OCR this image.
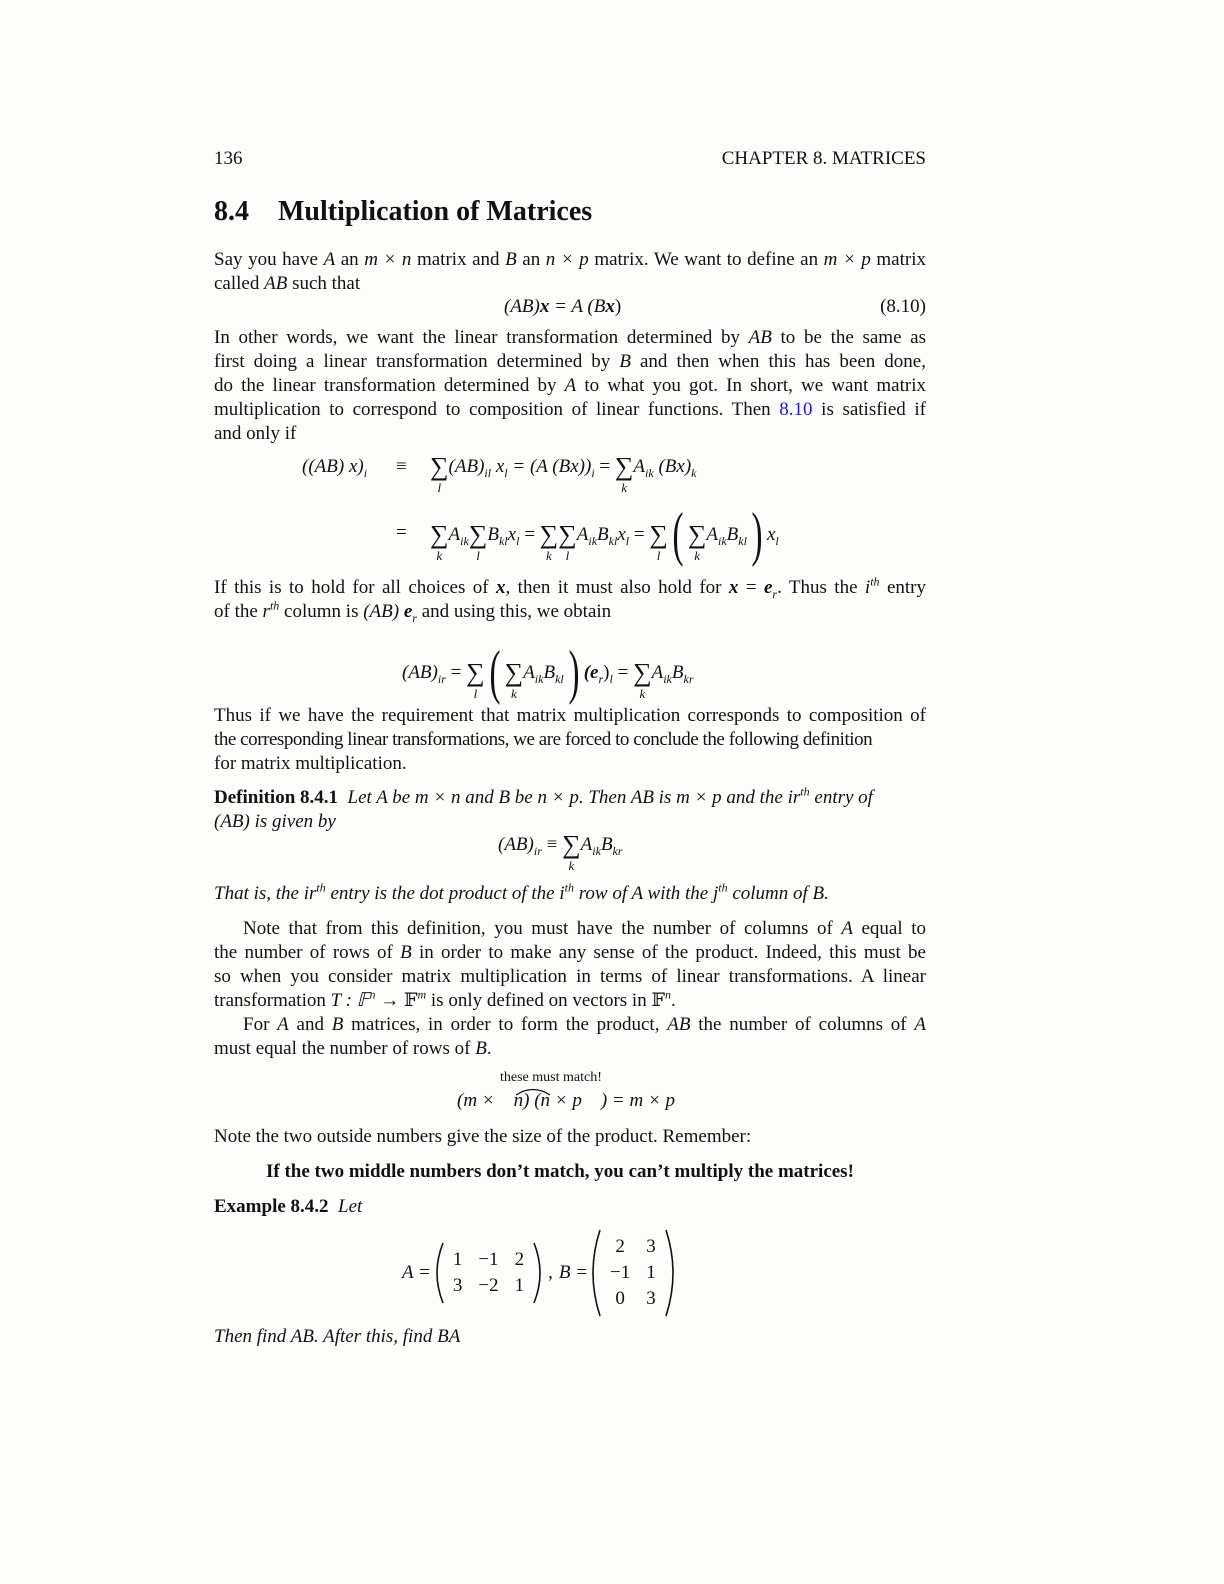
136	CHAPTER 8. MATRICES
8.4 Multiplication of Matrices
Say you have A an m × n matrix and B an n × p matrix. We want to define an m × p matrix
called AB such that
(AB)x = A (Bx)	(8.10)
In other words, we want the linear transformation determined by AB to be the same as
first doing a linear transformation determined by B and then when this has been done,
do the linear transformation determined by A to what you got. In short, we want matrix
multiplication to correspond to composition of linear functions. Then 8.10 is satisfied if
and only if
((AB) $x)_i$ ≡ ∑
l
$(AB)_{il}$ $x_l = (A$ $(Bx))_i$ = ∑
k
$A_{ik}$ $(Bx)_k$
= ∑
k
$A_{ik}\sum$
l
$B_{kl}x_l$ = ∑
k
∑
l
$A_{ik}B_{kl}x_l$ = ∑
l ( ∑
k
$A_{ik}B_{kl}$) $x_l$
If this is to hold for all choices of x, then it must also hold for $x = e_r$. Thus the $i^{th}$ entry
of the $r^{th}$ column is (AB) $e_r$ and using this, we obtain
$(AB)_{ir}$ = ∑
l ( ∑
k
$A_{ik}B_{kl}$) $(e_r)_l$ = ∑
k
$A_{ik}B_{kr}$
Thus if we have the requirement that matrix multiplication corresponds to composition of
the corresponding linear transformations, we are forced to conclude the following definition
for matrix multiplication.
Definition 8.4.1 Let A be m × n and B be n × p. Then AB is m × p and the $ir^{th}$ entry of
(AB) is given by
$(AB)_{ir}$ ≡ ∑
k
$A_{ik}B_{kr}$
That is, the $ir^{th}$ entry is the dot product of the $i^{th}$ row of A with the $j^{th}$ column of B.
Note that from this definition, you must have the number of columns of A equal to
the number of rows of B in order to make any sense of the product. Indeed, this must be
so when you consider matrix multiplication in terms of linear transformations. A linear
transformation T : 𝔽$^n$ → 𝔽$^m$ is only defined on vectors in 𝔽$^n$.
For A and B matrices, in order to form the product, AB the number of columns of A
must equal the number of rows of B.
these must match!
(m × n) (n × p ) = m × p
Note the two outside numbers give the size of the product. Remember:
If the two middle numbers don’t match, you can’t multiply the matrices!
Example 8.4.2 Let
A =
1	−1	2
3	−2	1
, B =
2	3
−1	1
0	3
Then find AB. After this, find BA
